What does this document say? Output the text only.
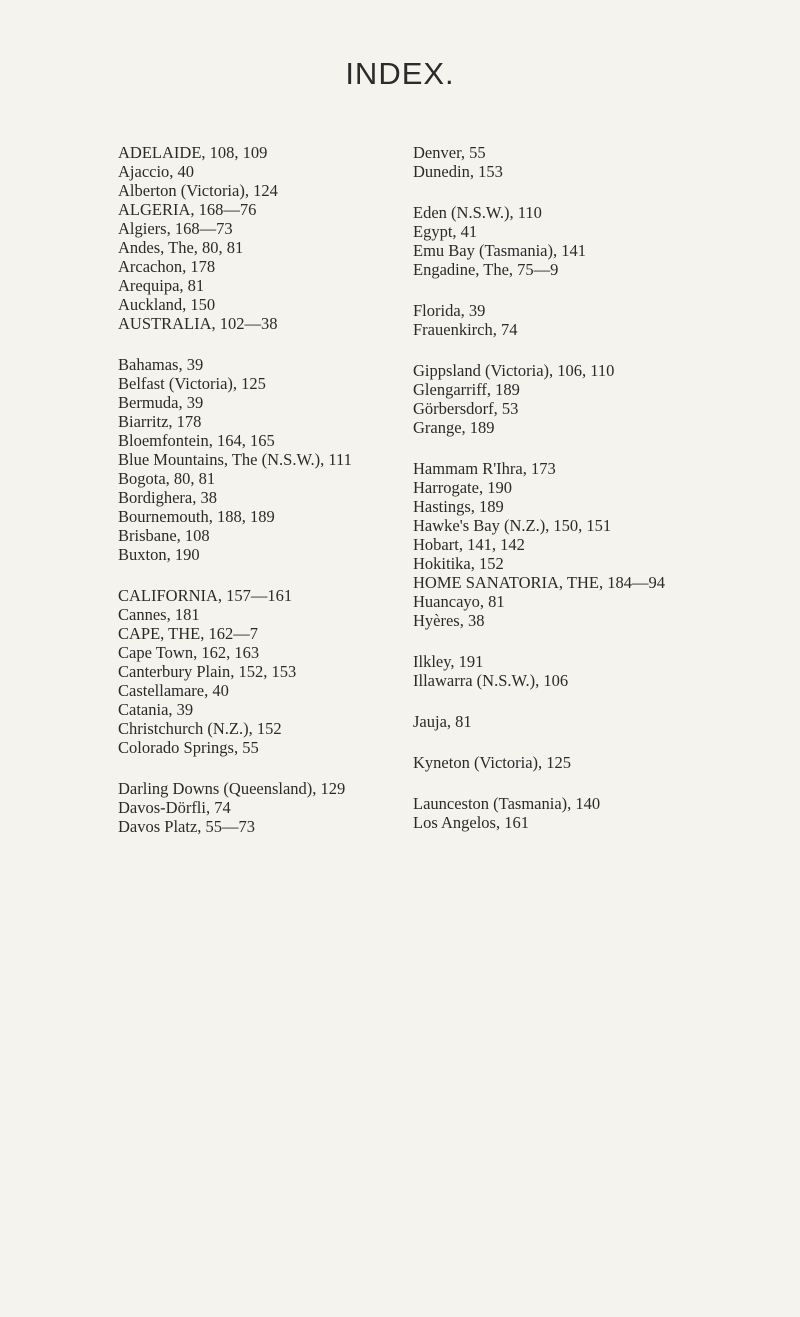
INDEX.
ADELAIDE, 108, 109
Ajaccio, 40
Alberton (Victoria), 124
ALGERIA, 168—76
Algiers, 168—73
Andes, The, 80, 81
Arcachon, 178
Arequipa, 81
Auckland, 150
AUSTRALIA, 102—38
Bahamas, 39
Belfast (Victoria), 125
Bermuda, 39
Biarritz, 178
Bloemfontein, 164, 165
Blue Mountains, The (N.S.W.), 111
Bogota, 80, 81
Bordighera, 38
Bournemouth, 188, 189
Brisbane, 108
Buxton, 190
CALIFORNIA, 157—161
Cannes, 181
CAPE, THE, 162—7
Cape Town, 162, 163
Canterbury Plain, 152, 153
Castellamare, 40
Catania, 39
Christchurch (N.Z.), 152
Colorado Springs, 55
Darling Downs (Queensland), 129
Davos-Dörfli, 74
Davos Platz, 55—73
Denver, 55
Dunedin, 153
Eden (N.S.W.), 110
Egypt, 41
Emu Bay (Tasmania), 141
Engadine, The, 75—9
Florida, 39
Frauenkirch, 74
Gippsland (Victoria), 106, 110
Glengarriff, 189
Görbersdorf, 53
Grange, 189
Hammam R'Ihra, 173
Harrogate, 190
Hastings, 189
Hawke's Bay (N.Z.), 150, 151
Hobart, 141, 142
Hokitika, 152
HOME SANATORIA, THE, 184—94
Huancayo, 81
Hyères, 38
Ilkley, 191
Illawarra (N.S.W.), 106
Jauja, 81
Kyneton (Victoria), 125
Launceston (Tasmania), 140
Los Angelos, 161
